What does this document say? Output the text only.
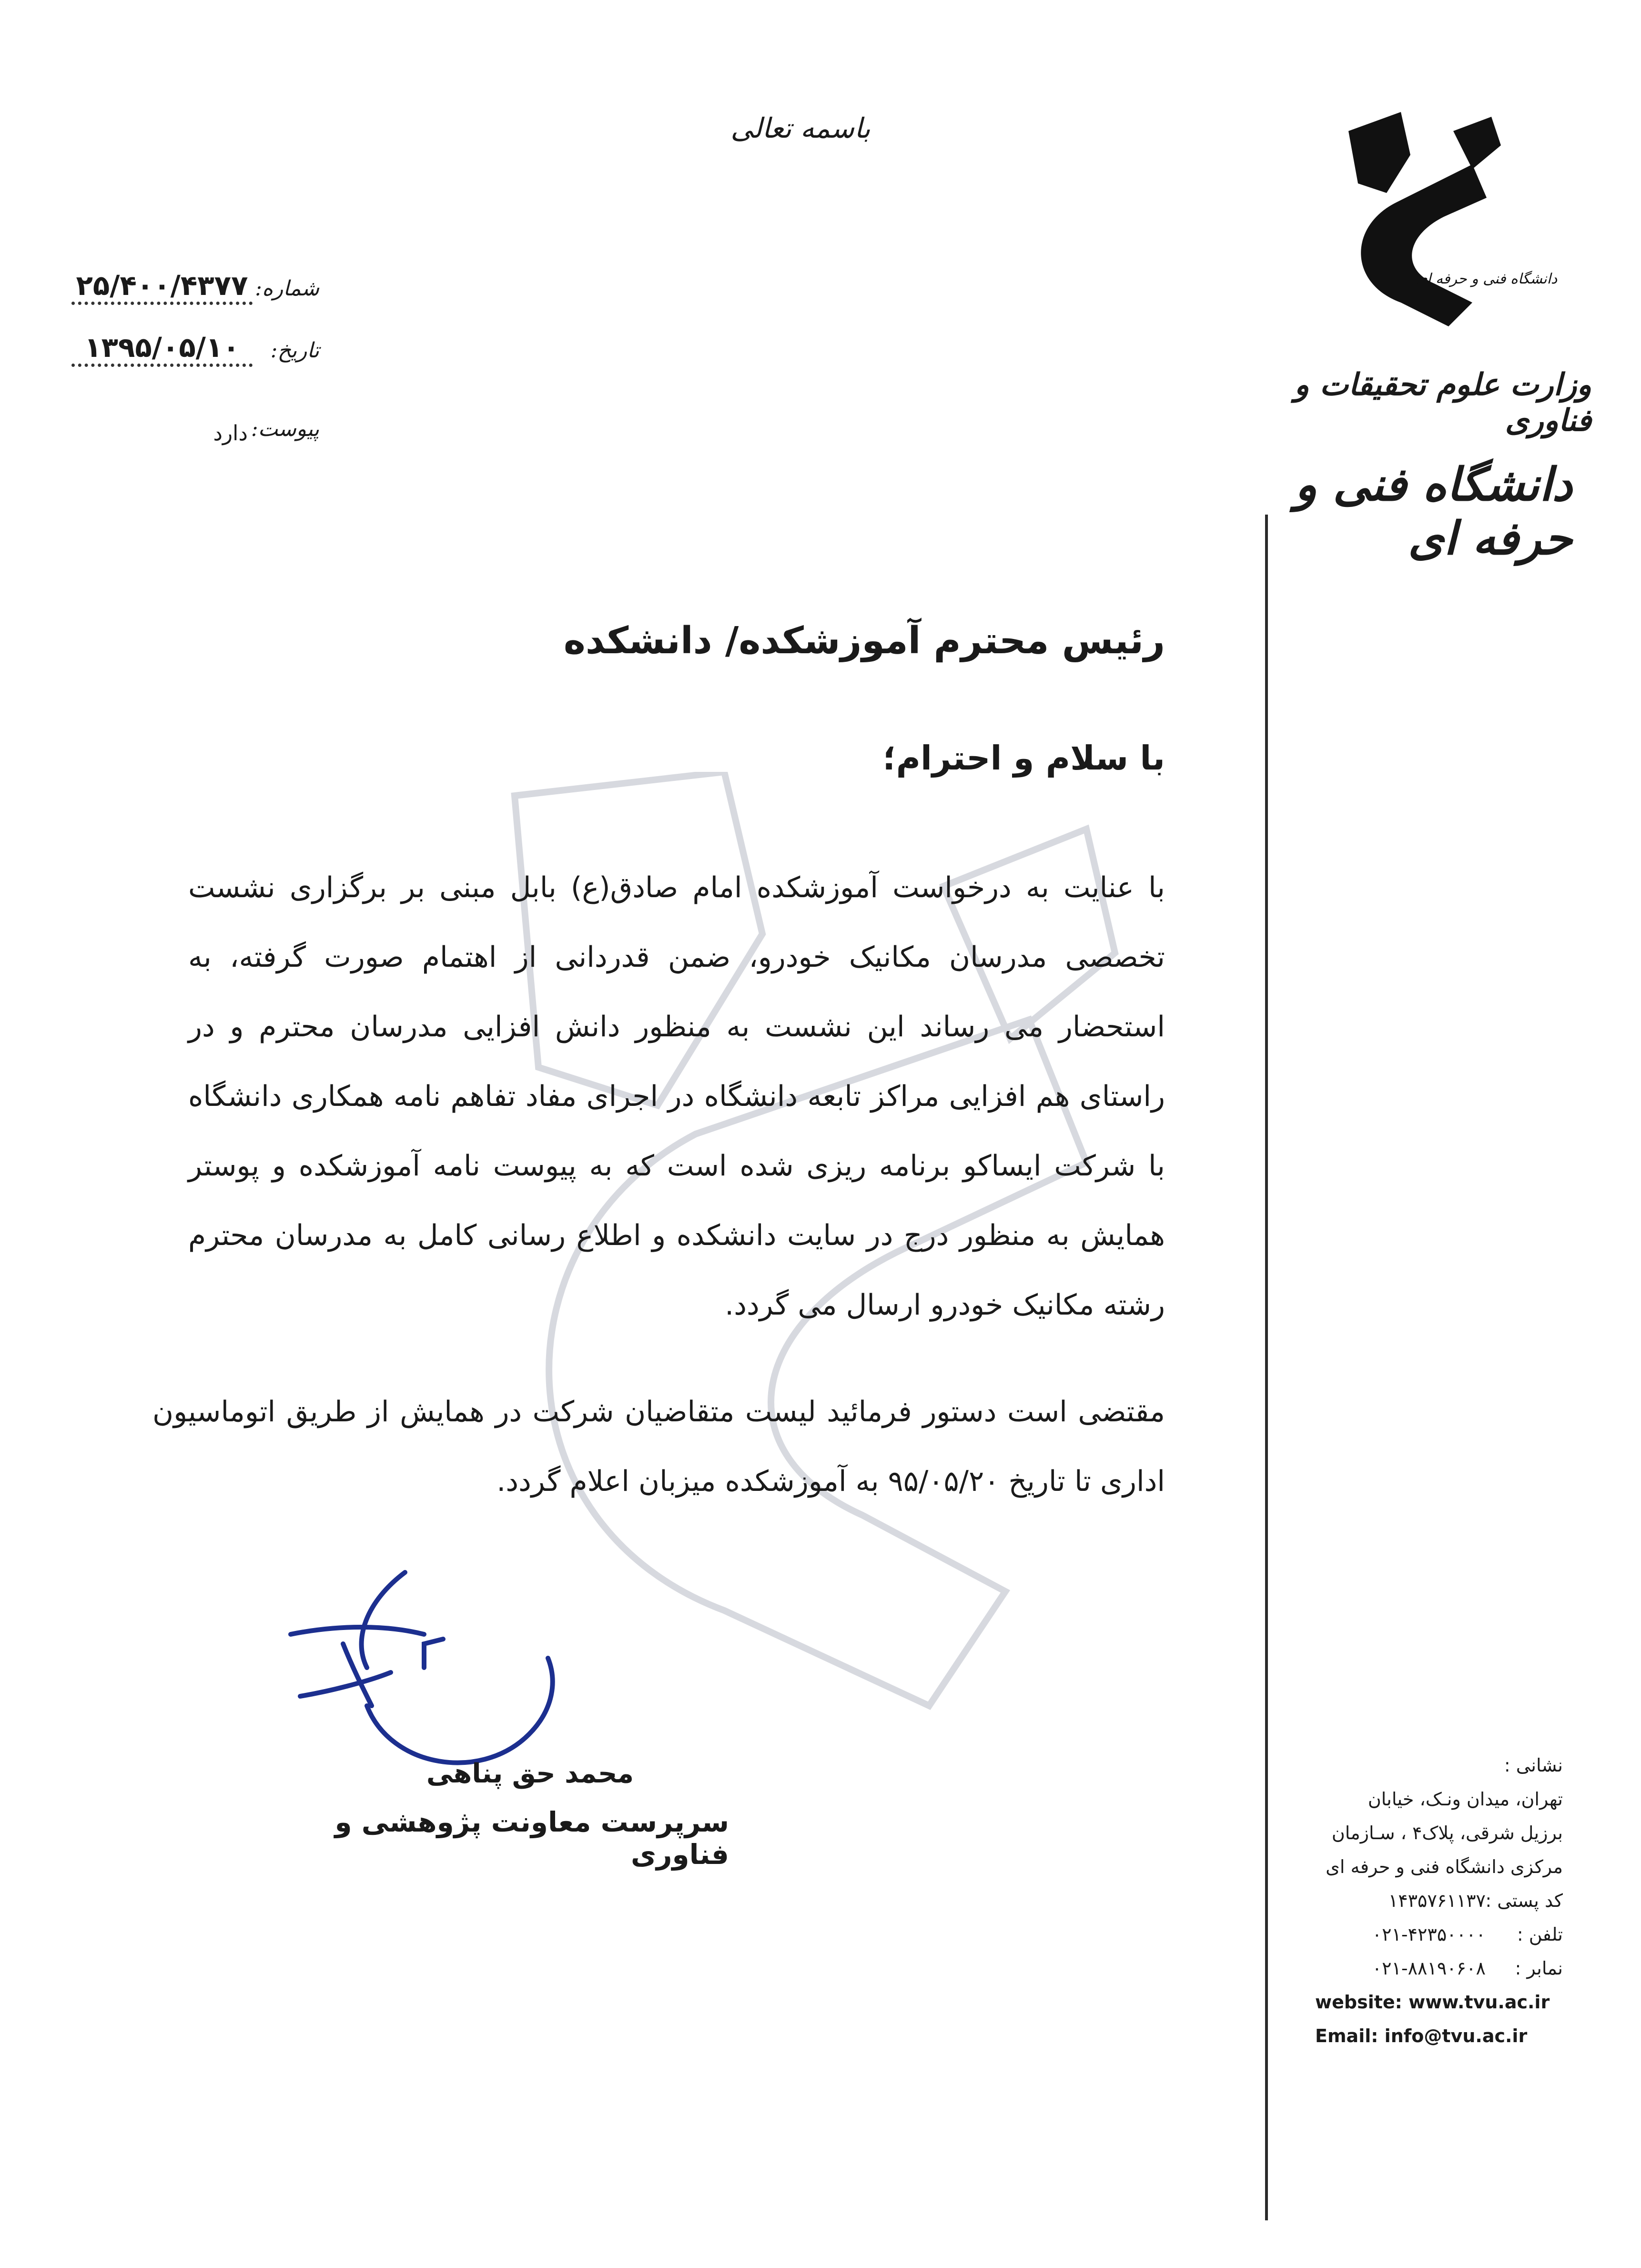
باسمه تعالی
شماره:
۲۵/۴۰۰/۴۳۷۷
تاریخ:
۱۳۹۵/۰۵/۱۰
پیوست:
دارد
دانشگاه فنی و حرفه ای
وزارت علوم تحقیقات و فناوری
دانشگاه فنی و حرفه ای
رئیس محترم آموزشکده/ دانشکده
با سلام و احترام؛
با عنایت به درخواست آموزشکده امام صادق(ع) بابل مبنی بر برگزاری نشست تخصصی مدرسان مکانیک خودرو، ضمن قدردانی از اهتمام صورت گرفته، به استحضار می رساند این نشست به منظور دانش افزایی مدرسان محترم و در راستای هم افزایی مراکز تابعه دانشگاه در اجرای مفاد تفاهم نامه همکاری دانشگاه با شرکت ایساکو برنامه ریزی شده است که به پیوست نامه آموزشکده و پوستر همایش به منظور درج در سایت دانشکده و اطلاع رسانی کامل به مدرسان محترم رشته مکانیک خودرو ارسال می گردد.
مقتضی است دستور فرمائید لیست متقاضیان شرکت در همایش از طریق اتوماسیون اداری تا تاریخ ۹۵/۰۵/۲۰ به آموزشکده میزبان اعلام گردد.
محمد حق پناهی
سرپرست معاونت پژوهشی و فناوری
نشانی :
تهران، میدان ونـک، خیابان
برزیل شرقی، پلاک۴ ، سـازمان
مرکزی دانشگاه فنی و حرفه ای
کد پستی : ۱۴۳۵۷۶۱۱۳۷
تلفن : ۰۲۱-۴۲۳۵۰۰۰۰
نمابر : ۰۲۱-۸۸۱۹۰۶۰۸
website: www.tvu.ac.ir
Email: info@tvu.ac.ir
